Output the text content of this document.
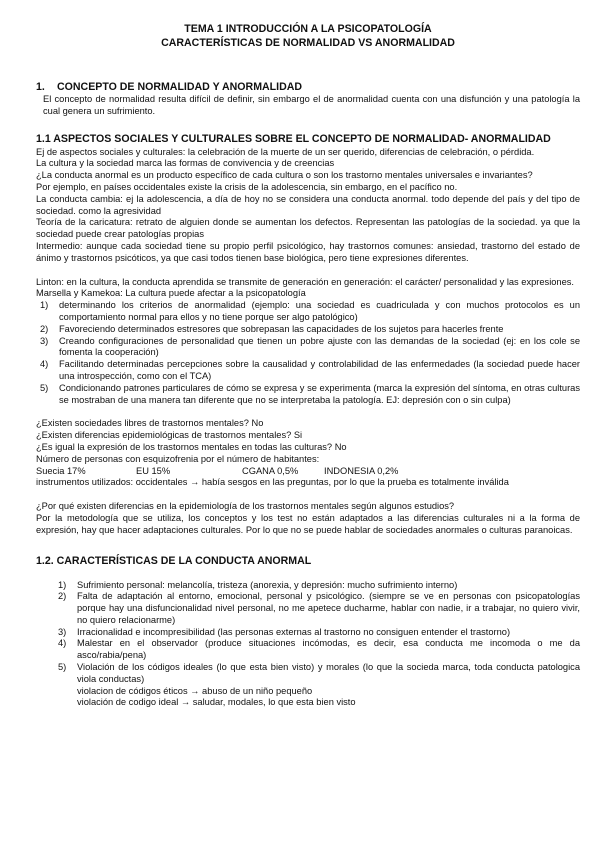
TEMA 1 INTRODUCCIÓN A LA PSICOPATOLOGÍA
CARACTERÍSTICAS DE NORMALIDAD VS ANORMALIDAD
1.	CONCEPTO DE NORMALIDAD Y ANORMALIDAD
El concepto de normalidad resulta difícil de definir, sin embargo el de anormalidad cuenta con una disfunción y una patología la cual genera un sufrimiento.
1.1 ASPECTOS SOCIALES Y CULTURALES SOBRE EL CONCEPTO DE NORMALIDAD- ANORMALIDAD

Ej de aspectos sociales y culturales: la celebración de la muerte de un ser querido, diferencias de celebración, o pérdida.

La cultura y la sociedad marca las formas de convivencia y de creencias

¿La conducta anormal es un producto específico de cada cultura o son los trastorno mentales universales e invariantes?

Por ejemplo, en países occidentales existe la crisis de la adolescencia, sin embargo, en el pacífico no.

La conducta cambia: ej la adolescencia, a día de hoy no se considera una conducta anormal. todo depende del país y del tipo de sociedad. como la agresividad

Teoría de la caricatura: retrato de alguien donde se aumentan los defectos. Representan las patologías de la sociedad. ya que la sociedad puede crear patologías propias

Intermedio: aunque cada sociedad tiene su propio perfil psicológico, hay trastornos comunes: ansiedad, trastorno del estado de ánimo y trastornos psicóticos, ya que casi todos tienen base biológica, pero tiene expresiones diferentes.

Linton: en la cultura, la conducta aprendida se transmite de generación en generación: el carácter/ personalidad y las expresiones.

Marsella y Kamekoa: La cultura puede afectar a la psicopatología

1)	determinando los criterios de anormalidad (ejemplo: una sociedad es cuadriculada y con muchos protocolos es un comportamiento normal para ellos y no tiene porque ser algo patológico)
2)	Favoreciendo determinados estresores que sobrepasan las capacidades de los sujetos para hacerles frente
3)	Creando configuraciones de personalidad que tienen un pobre ajuste con las demandas de la sociedad (ej: en los cole se fomenta la cooperación)
4)	Facilitando determinadas percepciones sobre la causalidad y controlabilidad de las enfermedades (la sociedad puede hacer una introspección, como con el TCA)
5)	Condicionando patrones particulares de cómo se expresa y se experimenta (marca la expresión del síntoma, en otras culturas se mostraban de una manera tan diferente que no se interpretaba la patología. EJ: depresión con o sin culpa)

¿Existen sociedades libres de trastornos mentales? No

¿Existen diferencias epidemiológicas de trastornos mentales? Si

¿Es igual la expresión de los trastornos mentales en todas las culturas? No

Número de personas con esquizofrenia por el número de habitantes:

Suecia 17%	EU 15%	CGANA 0,5%	INDONESIA 0,2%

instrumentos utilizados: occidentales → había sesgos en las preguntas, por lo que la prueba es totalmente inválida

¿Por qué existen diferencias en la epidemiología de los trastornos mentales según algunos estudios?

Por la metodología que se utiliza, los conceptos y los test no están adaptados a las diferencias culturales ni a la forma de expresión, hay que hacer adaptaciones culturales. Por lo que no se puede hablar de sociedades anormales o culturas paranoicas.

1.2. CARACTERÍSTICAS DE LA CONDUCTA ANORMAL
1)	Sufrimiento personal: melancolía, tristeza (anorexia, y depresión: mucho sufrimiento interno)
2)	Falta de adaptación al entorno, emocional, personal y psicológico. (siempre se ve en personas con psicopatologías porque hay una disfuncionalidad nivel personal, no me apetece ducharme, hablar con nadie, ir a trabajar, no quiero vivir, no quiero relacionarme)
3)	Irracionalidad e incompresibilidad (las personas externas al trastorno no consiguen entender el trastorno)
4)	Malestar en el observador (produce situaciones incómodas, es decir, esa conducta me incomoda o me da asco/rabia/pena)
5)	Violación de los códigos ideales (lo que esta bien visto) y morales (lo que la socieda marca, toda conducta patologica viola conductas)
violacion de códigos éticos → abuso de un niño pequeño
violación de codigo ideal → saludar, modales, lo que esta bien visto
